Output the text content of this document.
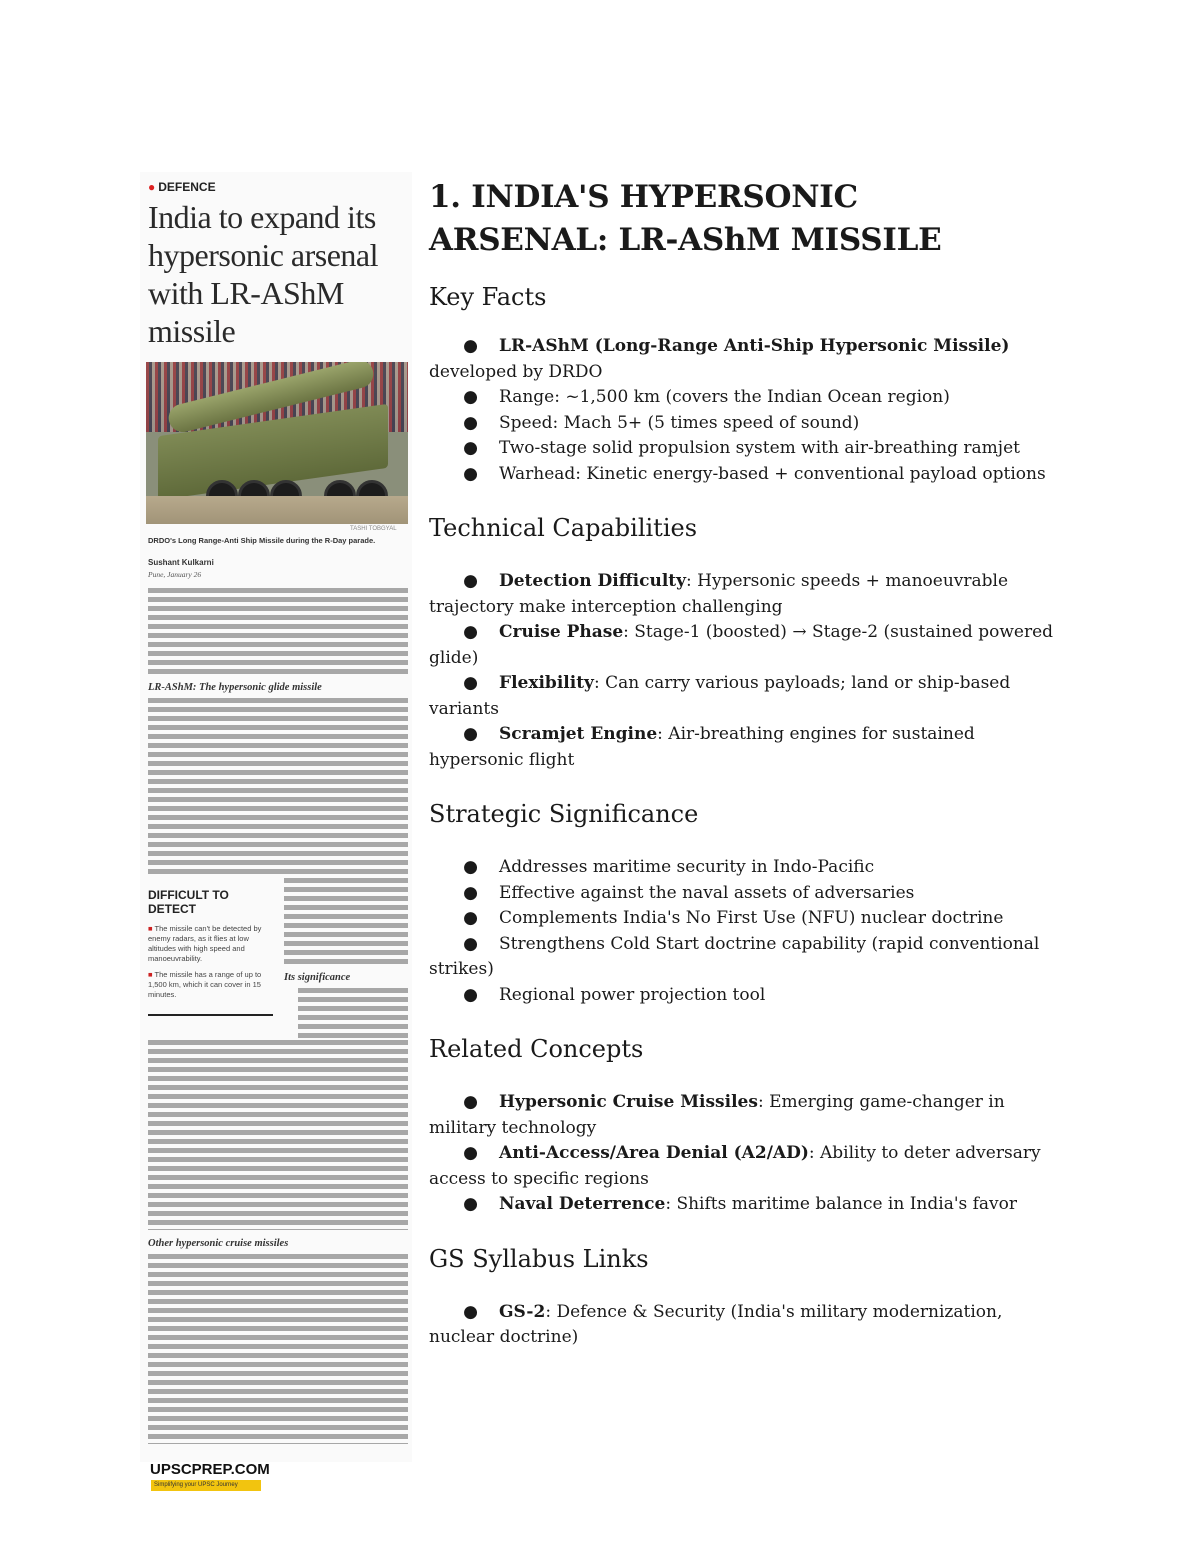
● DEFENCE
India to expand its hypersonic arsenal with LR-AShM missile
TASHI TOBGYAL
DRDO's Long Range-Anti Ship Missile during the R-Day parade.
Sushant Kulkarni
Pune, January 26
LR-AShM: The hypersonic glide missile
DIFFICULT TO DETECT
■ The missile can't be detected by enemy radars, as it flies at low altitudes with high speed and manoeuvrability.
■ The missile has a range of up to 1,500 km, which it can cover in 15 minutes.
Its significance
Other hypersonic cruise missiles
UPSCPREP.COM
Simplifying your UPSC Journey
1. INDIA'S HYPERSONIC ARSENAL: LR-AShM MISSILE
Key Facts
● LR-AShM (Long-Range Anti-Ship Hypersonic Missile) developed by DRDO
● Range: ~1,500 km (covers the Indian Ocean region)
● Speed: Mach 5+ (5 times speed of sound)
● Two-stage solid propulsion system with air-breathing ramjet
● Warhead: Kinetic energy-based + conventional payload options
Technical Capabilities
● Detection Difficulty: Hypersonic speeds + manoeuvrable trajectory make interception challenging
● Cruise Phase: Stage-1 (boosted) → Stage-2 (sustained powered glide)
● Flexibility: Can carry various payloads; land or ship-based variants
● Scramjet Engine: Air-breathing engines for sustained hypersonic flight
Strategic Significance
● Addresses maritime security in Indo-Pacific
● Effective against the naval assets of adversaries
● Complements India's No First Use (NFU) nuclear doctrine
● Strengthens Cold Start doctrine capability (rapid conventional strikes)
● Regional power projection tool
Related Concepts
● Hypersonic Cruise Missiles: Emerging game-changer in military technology
● Anti-Access/Area Denial (A2/AD): Ability to deter adversary access to specific regions
● Naval Deterrence: Shifts maritime balance in India's favor
GS Syllabus Links
● GS-2: Defence & Security (India's military modernization, nuclear doctrine)
